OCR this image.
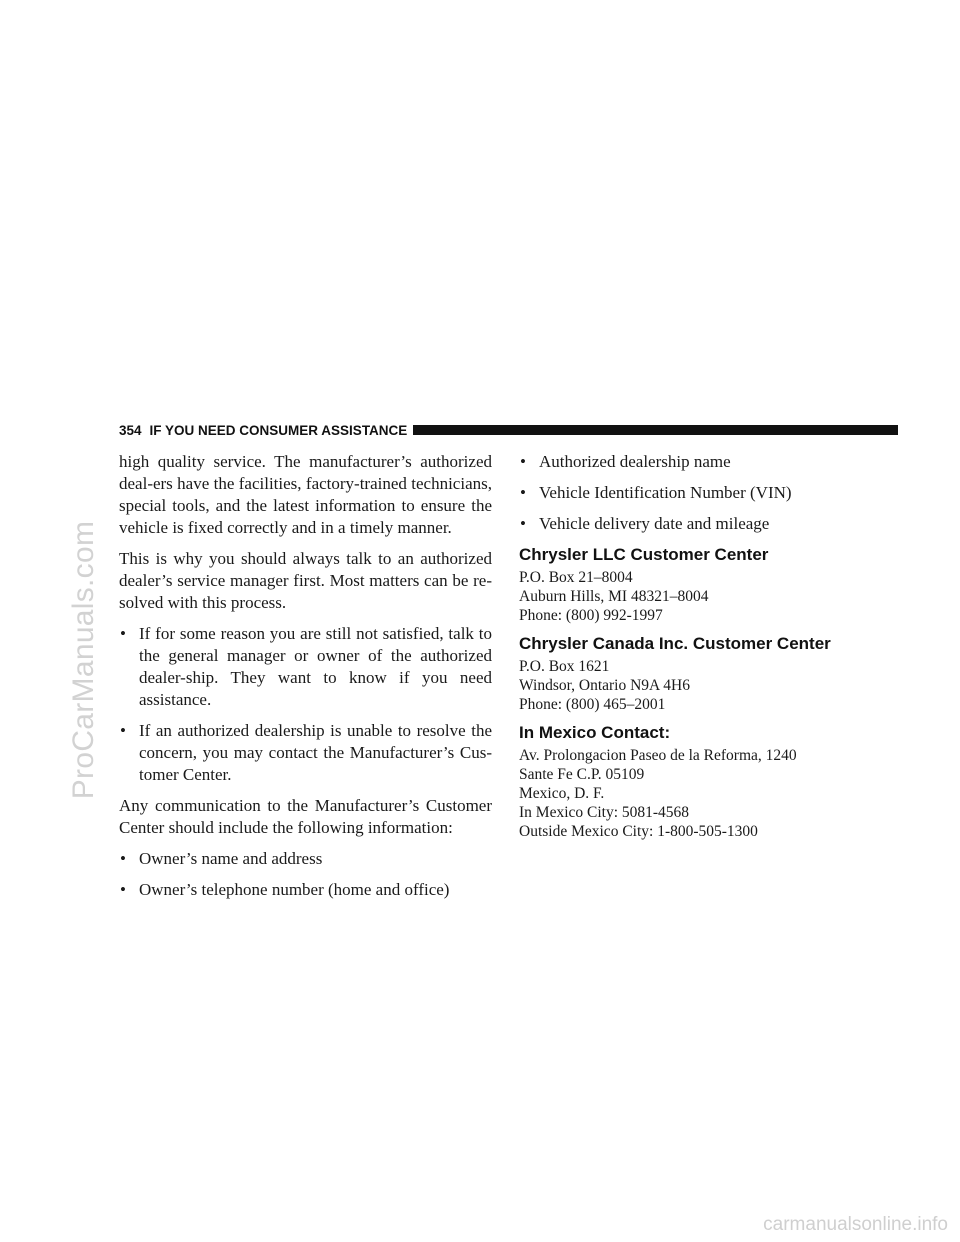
ProCarManuals.com
354 IF YOU NEED CONSUMER ASSISTANCE

high quality service. The manufacturer’s authorized deal-ers have the facilities, factory-trained technicians, special tools, and the latest information to ensure the vehicle is fixed correctly and in a timely manner.

This is why you should always talk to an authorized dealer’s service manager first. Most matters can be re-solved with this process.

• If for some reason you are still not satisfied, talk to the general manager or owner of the authorized dealer-ship. They want to know if you need assistance.
• If an authorized dealership is unable to resolve the concern, you may contact the Manufacturer’s Cus-tomer Center.

Any communication to the Manufacturer’s Customer Center should include the following information:

• Owner’s name and address
• Owner’s telephone number (home and office)
• Authorized dealership name
• Vehicle Identification Number (VIN)
• Vehicle delivery date and mileage
Chrysler LLC Customer Center
P.O. Box 21–8004
Auburn Hills, MI 48321–8004
Phone: (800) 992-1997
Chrysler Canada Inc. Customer Center
P.O. Box 1621
Windsor, Ontario N9A 4H6
Phone: (800) 465–2001
In Mexico Contact:
Av. Prolongacion Paseo de la Reforma, 1240
Sante Fe C.P. 05109
Mexico, D. F.
In Mexico City: 5081-4568
Outside Mexico City: 1-800-505-1300
carmanualsonline.info
